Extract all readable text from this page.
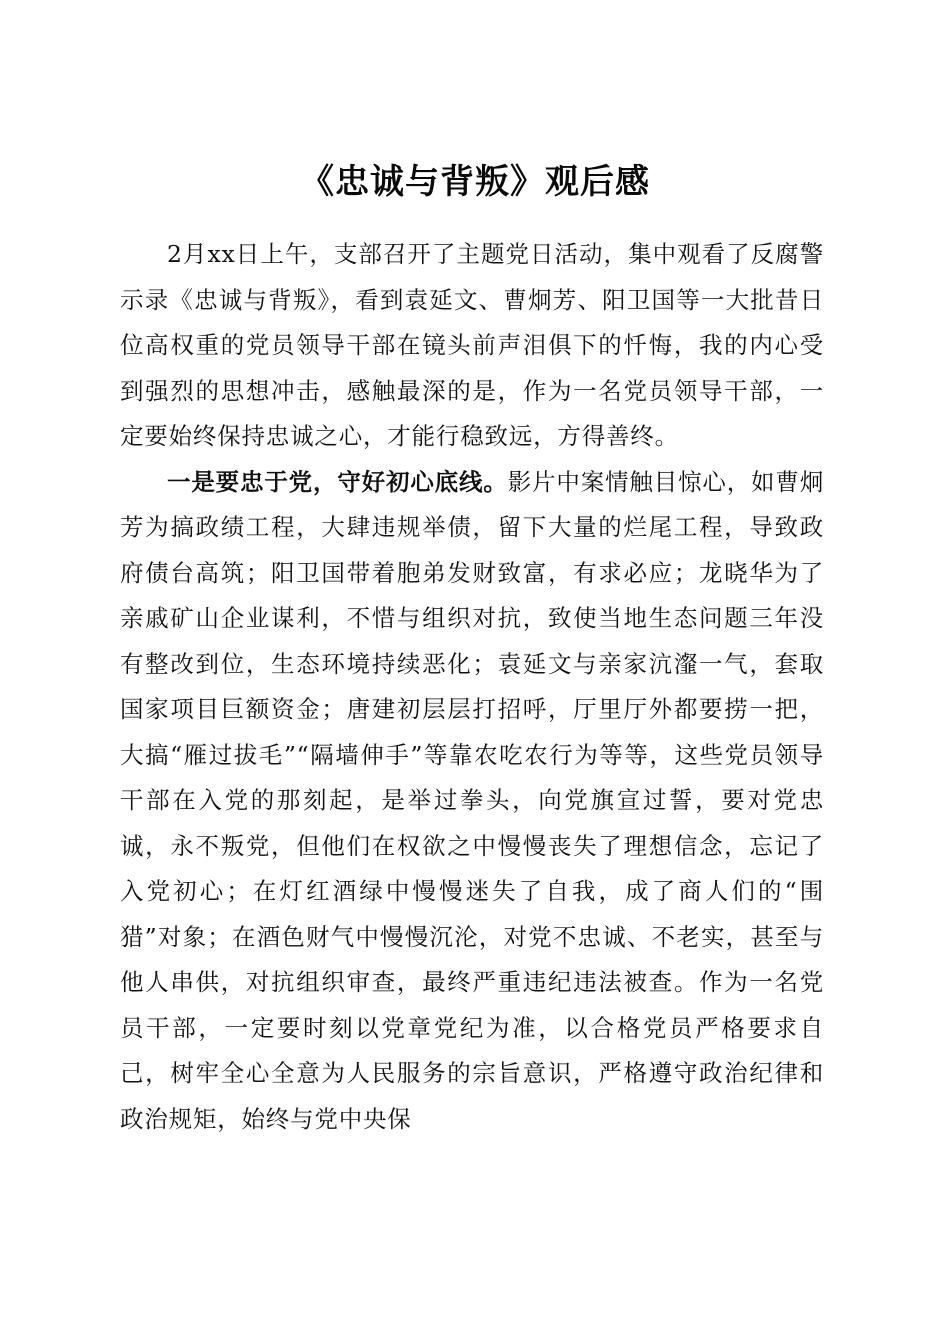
《忠诚与背叛》观后感

2月xx日上午，支部召开了主题党日活动，集中观看了反腐警示录《忠诚与背叛》，看到袁延文、曹炯芳、阳卫国等一大批昔日位高权重的党员领导干部在镜头前声泪俱下的忏悔，我的内心受到强烈的思想冲击，感触最深的是，作为一名党员领导干部，一定要始终保持忠诚之心，才能行稳致远，方得善终。

一是要忠于党，守好初心底线。影片中案情触目惊心，如曹炯芳为搞政绩工程，大肆违规举债，留下大量的烂尾工程，导致政府债台高筑；阳卫国带着胞弟发财致富，有求必应；龙晓华为了亲戚矿山企业谋利，不惜与组织对抗，致使当地生态问题三年没有整改到位，生态环境持续恶化；袁延文与亲家沆瀣一气，套取国家项目巨额资金；唐建初层层打招呼，厅里厅外都要捞一把，大搞“雁过拔毛”“隔墙伸手”等靠农吃农行为等等，这些党员领导干部在入党的那刻起，是举过拳头，向党旗宣过誓，要对党忠诚，永不叛党，但他们在权欲之中慢慢丧失了理想信念，忘记了入党初心；在灯红酒绿中慢慢迷失了自我，成了商人们的“围猎”对象；在酒色财气中慢慢沉沦，对党不忠诚、不老实，甚至与他人串供，对抗组织审查，最终严重违纪违法被查。作为一名党员干部，一定要时刻以党章党纪为准，以合格党员严格要求自己，树牢全心全意为人民服务的宗旨意识，严格遵守政治纪律和政治规矩，始终与党中央保
